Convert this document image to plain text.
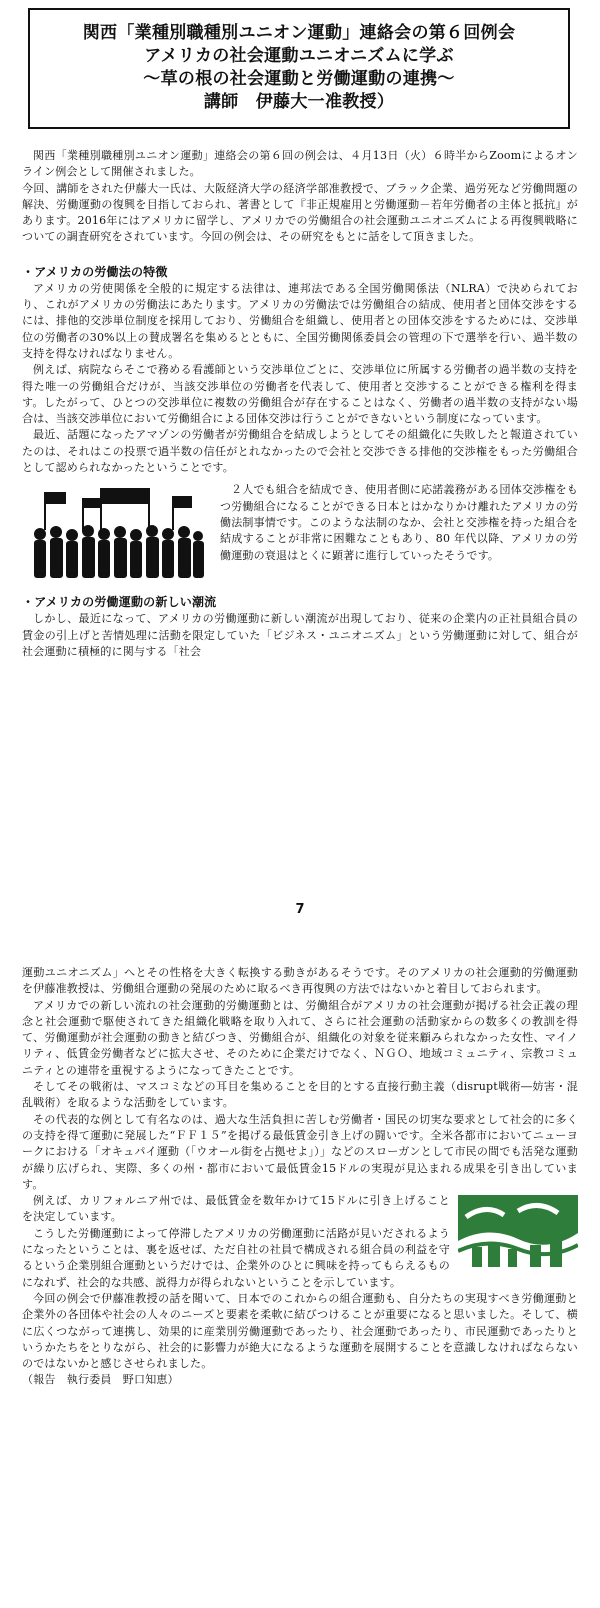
関西「業種別職種別ユニオン運動」連絡会の第６回例会
アメリカの社会運動ユニオニズムに学ぶ
～草の根の社会運動と労働運動の連携～
講師　伊藤大一准教授）

関西「業種別職種別ユニオン運動」連絡会の第６回の例会は、４月13日（火）６時半からZoomによるオンライン例会として開催されました。

今回、講師をされた伊藤大一氏は、大阪経済大学の経済学部准教授で、ブラック企業、過労死など労働問題の解決、労働運動の復興を目指しておられ、著書として『非正規雇用と労働運動－若年労働者の主体と抵抗』があります。2016年にはアメリカに留学し、アメリカでの労働組合の社会運動ユニオニズムによる再復興戦略についての調査研究をされています。今回の例会は、その研究をもとに話をして頂きました。

・アメリカの労働法の特徴

アメリカの労使関係を全般的に規定する法律は、連邦法である全国労働関係法（NLRA）で決められており、これがアメリカの労働法にあたります。アメリカの労働法では労働組合の結成、使用者と団体交渉をするには、排他的交渉単位制度を採用しており、労働組合を組織し、使用者との団体交渉をするためには、交渉単位の労働者の30%以上の賛成署名を集めるとともに、全国労働関係委員会の管理の下で選挙を行い、過半数の支持を得なければなりません。

例えば、病院ならそこで務める看護師という交渉単位ごとに、交渉単位に所属する労働者の過半数の支持を得た唯一の労働組合だけが、当該交渉単位の労働者を代表して、使用者と交渉することができる権利を得ます。したがって、ひとつの交渉単位に複数の労働組合が存在することはなく、労働者の過半数の支持がない場合は、当該交渉単位において労働組合による団体交渉は行うことができないという制度になっています。

最近、話題になったアマゾンの労働者が労働組合を結成しようとしてその組織化に失敗したと報道されていたのは、それはこの投票で過半数の信任がとれなかったので会社と交渉できる排他的交渉権をもった労働組合として認められなかったということです。

２人でも組合を結成でき、使用者側に応諾義務がある団体交渉権をもつ労働組合になることができる日本とはかなりかけ離れたアメリカの労働法制事情です。このような法制のなか、会社と交渉権を持った組合を結成することが非常に困難なこともあり、80 年代以降、アメリカの労働運動の衰退はとくに顕著に進行していったそうです。

・アメリカの労働運動の新しい潮流

しかし、最近になって、アメリカの労働運動に新しい潮流が出現しており、従来の企業内の正社員組合員の賃金の引上げと苦情処理に活動を限定していた「ビジネス・ユニオニズム」という労働運動に対して、組合が社会運動に積極的に関与する「社会

7

運動ユニオニズム」へとその性格を大きく転換する動きがあるそうです。そのアメリカの社会運動的労働運動を伊藤准教授は、労働組合運動の発展のために取るべき再復興の方法ではないかと着目しておられます。

アメリカでの新しい流れの社会運動的労働運動とは、労働組合がアメリカの社会運動が掲げる社会正義の理念と社会運動で駆使されてきた組織化戦略を取り入れて、さらに社会運動の活動家からの数多くの教訓を得て、労働運動が社会運動の動きと結びつき、労働組合が、組織化の対象を従来顧みられなかった女性、マイノリティ、低賃金労働者などに拡大させ、そのために企業だけでなく、ＮＧＯ、地域コミュニティ、宗教コミュニティとの連帯を重視するようになってきたことです。

そしてその戦術は、マスコミなどの耳目を集めることを目的とする直接行動主義（disrupt戦術―妨害・混乱戦術）を取るような活動をしています。

その代表的な例として有名なのは、過大な生活負担に苦しむ労働者・国民の切実な要求として社会的に多くの支持を得て運動に発展した“ＦＦ１５”を掲げる最低賃金引き上げの闘いです。全米各都市においてニューヨークにおける「オキュパイ運動（「ウオール街を占拠せよ」）」などのスローガンとして市民の間でも活発な運動が繰り広げられ、実際、多くの州・都市において最低賃金15ドルの実現が見込まれる成果を引き出しています。

例えば、カリフォルニア州では、最低賃金を数年かけて15ドルに引き上げることを決定しています。

こうした労働運動によって停滞したアメリカの労働運動に活路が見いだされるようになったということは、裏を返せば、ただ自社の社員で構成される組合員の利益を守るという企業別組合運動というだけでは、企業外のひとに興味を持ってもらえるものになれず、社会的な共感、説得力が得られないということを示しています。

今回の例会で伊藤准教授の話を聞いて、日本でのこれからの組合運動も、自分たちの実現すべき労働運動と企業外の各団体や社会の人々のニーズと要素を柔軟に結びつけることが重要になると思いました。そして、横に広くつながって連携し、効果的に産業別労働運動であったり、社会運動であったり、市民運動であったりというかたちをとりながら、社会的に影響力が絶大になるような運動を展開することを意識しなければならないのではないかと感じさせられました。

（報告　執行委員　野口知恵）
